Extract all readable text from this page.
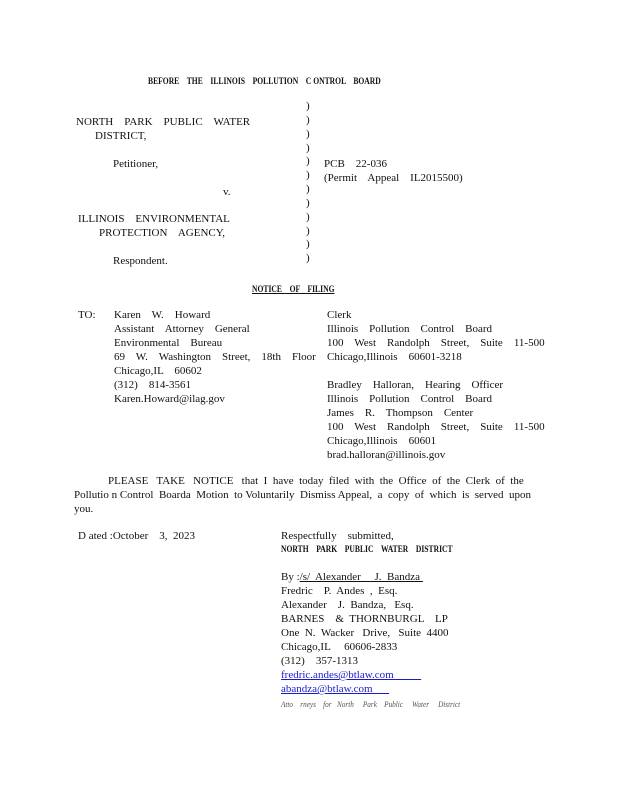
BEFORE    THE    ILLINOIS    POLLUTION    C ONTROL    BOARD
NORTH    PARK    PUBLIC    WATER
DISTRICT,
Petitioner,
v.
ILLINOIS    ENVIRONMENTAL
PROTECTION    AGENCY,
Respondent.
)
)
)
)
)
)
)
)
)
)
)
)
PCB    22-036
(Permit    Appeal    IL2015500)
NOTICE    OF    FILING
TO: Karen    W.    Howard
Assistant    Attorney    General
Environmental    Bureau
69    W.    Washington    Street,    18th    Floor
Chicago,IL    60602
(312)    814-3561
Karen.Howard@ilag.gov
Clerk
Illinois    Pollution    Control    Board
100    West    Randolph    Street,    Suite    11-500
Chicago,Illinois    60601-3218
Bradley    Halloran,    Hearing    Officer
Illinois    Pollution    Control    Board
James    R.    Thompson    Center
100    West    Randolph    Street,    Suite    11-500
Chicago,Illinois    60601
brad.halloran@illinois.gov
PLEASE   TAKE   NOTICE   that  I  have  today  filed  with  the  Office  of  the  Clerk  of  the
Pollutio n Control  Boarda  Motion  to Voluntarily  Dismiss Appeal,  a  copy  of  which  is  served  upon
you.
D ated :October    3,  2023	Respectfully    submitted,
NORTH    PARK    PUBLIC    WATER    DISTRICT
By :/s/  Alexander     J.  Bandza
Fredric    P.  Andes  ,  Esq.
Alexander    J.  Bandza,   Esq.
BARNES    &  THORNBURGL    LP
One  N.  Wacker   Drive,   Suite  4400
Chicago,IL     60606-2833
(312)    357-1313
fredric.andes@btlaw.com
abandza@btlaw.com
Atto    rneys    for   North     Park    Public     Water     District
